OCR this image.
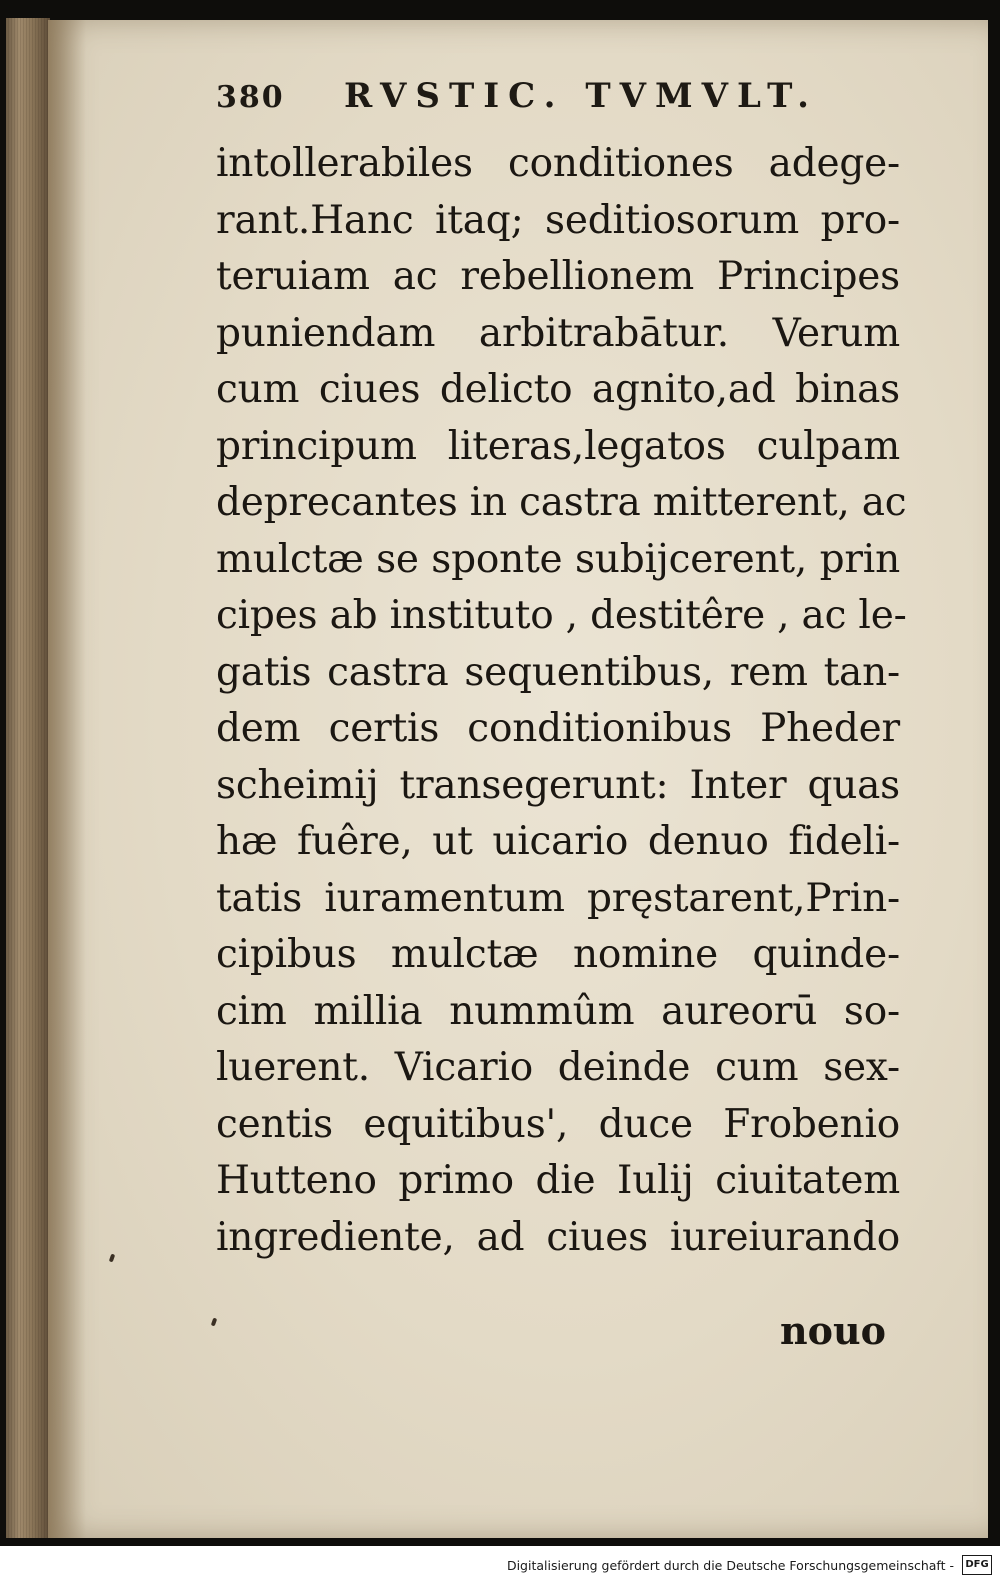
380 RVSTIC. TVMVLT.
intollerabiles conditiones adege-
rant.Hanc itaq; seditiosorum pro-
teruiam ac rebellionem Principes
puniendam arbitrabātur. Verum
cum ciues delicto agnito,ad binas
principum literas,legatos culpam
deprecantes in castra mitterent, ac
mulctæ se sponte subijcerent, prin
cipes ab instituto , destitêre , ac le-
gatis castra sequentibus, rem tan-
dem certis conditionibus Pheder
scheimij transegerunt: Inter quas
hæ fuêre, ut uicario denuo fideli-
tatis iuramentum pręstarent,Prin-
cipibus mulctæ nomine quinde-
cim millia nummûm aureorū so-
luerent. Vicario deinde cum sex-
centis equitibus', duce Frobenio
Hutteno primo die Iulij ciuitatem
ingrediente, ad ciues iureiurando
nouo
Digitalisierung gefördert durch die Deutsche Forschungsgemeinschaft -	DFG
